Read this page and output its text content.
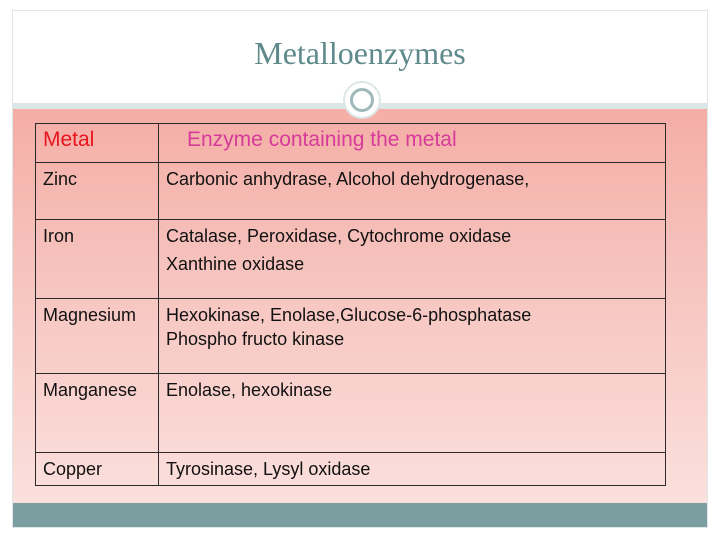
Metalloenzymes
Metal	Enzyme containing the metal
Zinc	Carbonic anhydrase, Alcohol dehydrogenase,

Iron	Catalase, Peroxidase, Cytochrome oxidase
Xanthine oxidase

Magnesium	Hexokinase, Enolase,Glucose-6-phosphatase
Phospho fructo kinase

Manganese	Enolase, hexokinase

Copper	Tyrosinase, Lysyl oxidase
